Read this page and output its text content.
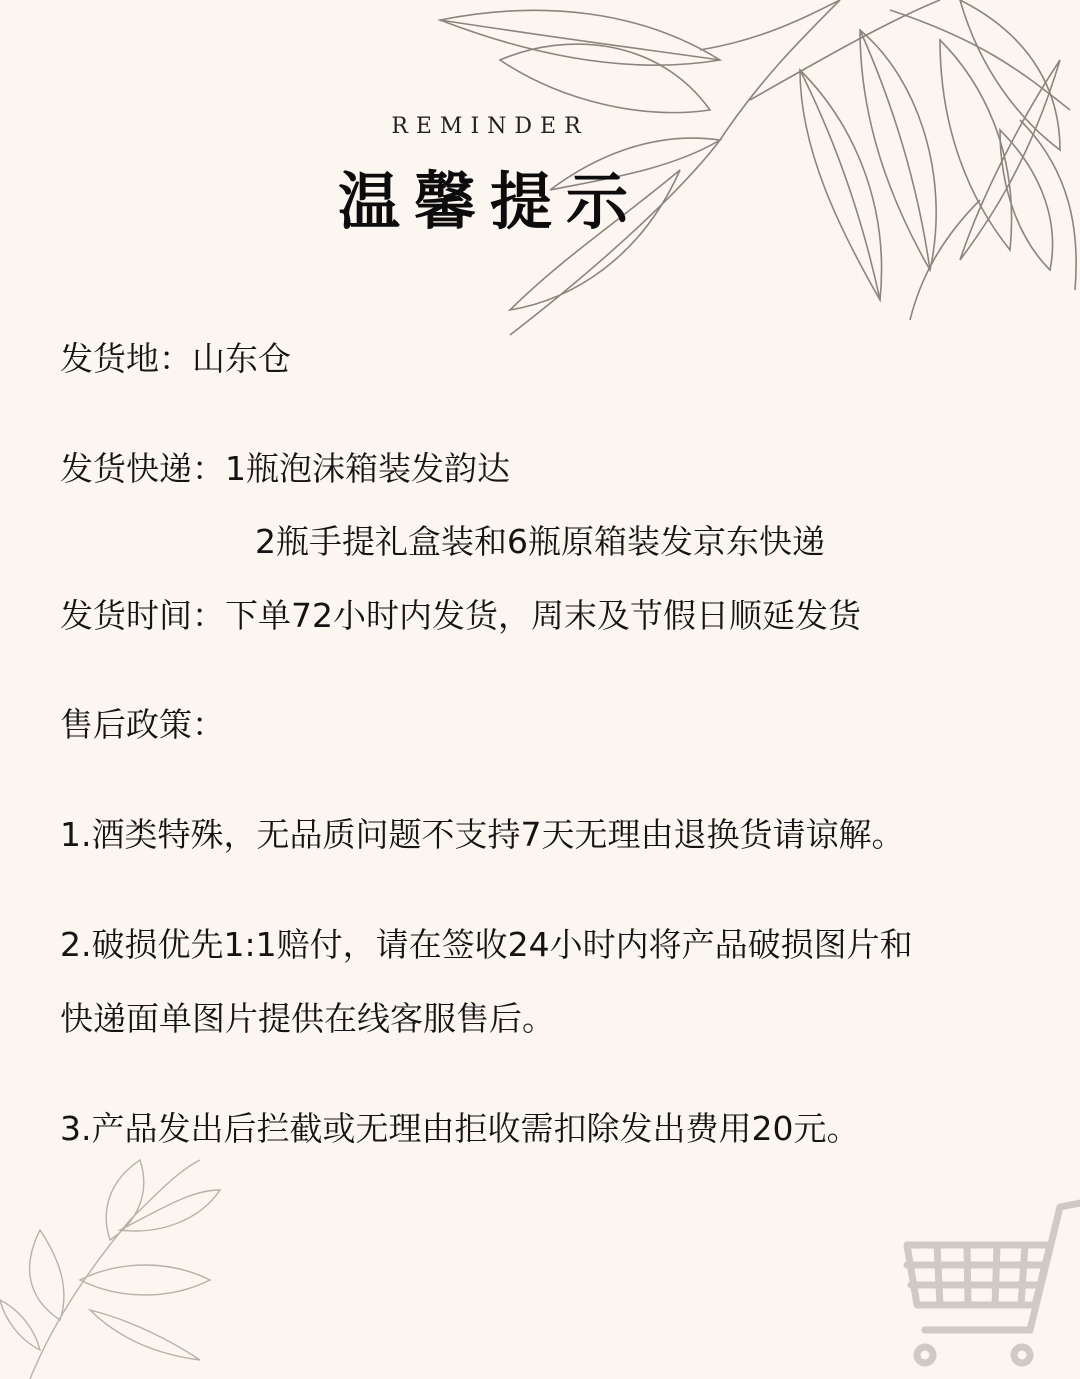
REMINDER
温馨提示
发货地：山东仓
发货快递：1瓶泡沫箱装发韵达
2瓶手提礼盒装和6瓶原箱装发京东快递
发货时间：下单72小时内发货，周末及节假日顺延发货
售后政策：
1.酒类特殊，无品质问题不支持7天无理由退换货请谅解。
2.破损优先1:1赔付，请在签收24小时内将产品破损图片和
快递面单图片提供在线客服售后。
3.产品发出后拦截或无理由拒收需扣除发出费用20元。
